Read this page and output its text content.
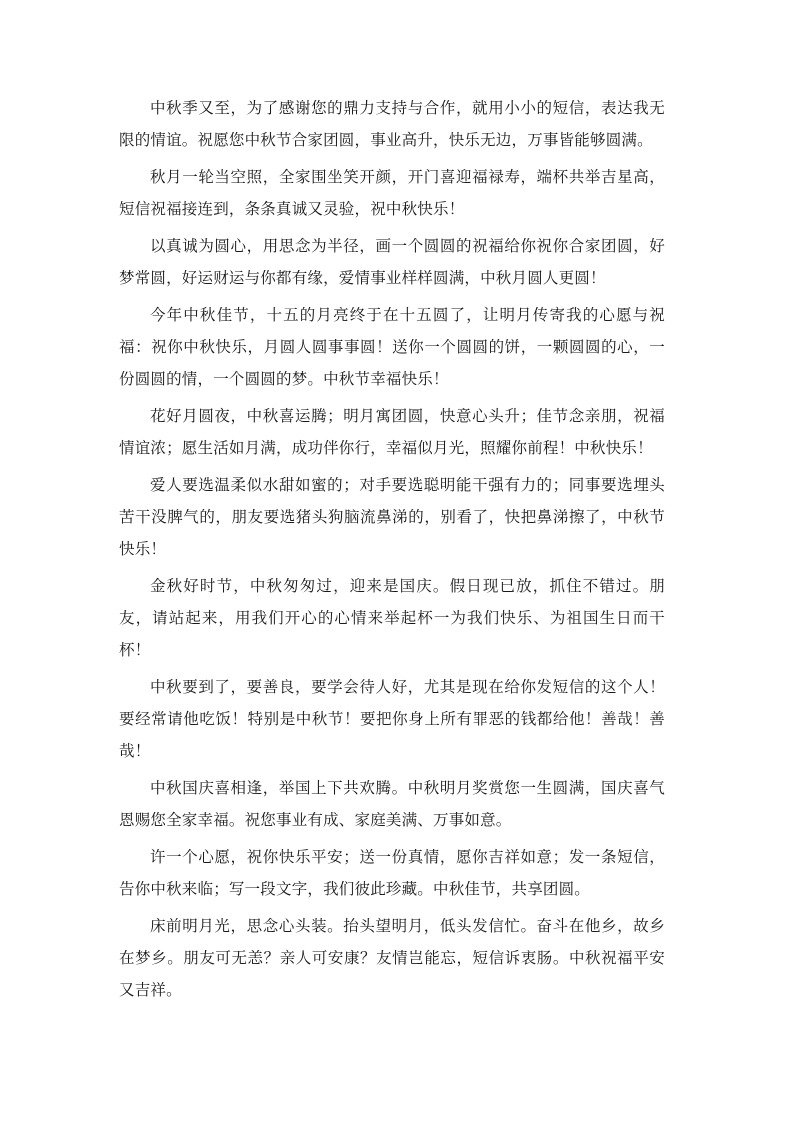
中秋季又至，为了感谢您的鼎力支持与合作，就用小小的短信，表达我无限的情谊。祝愿您中秋节合家团圆，事业高升，快乐无边，万事皆能够圆满。

秋月一轮当空照，全家围坐笑开颜，开门喜迎福禄寿，端杯共举吉星高，短信祝福接连到，条条真诚又灵验，祝中秋快乐！

以真诚为圆心，用思念为半径，画一个圆圆的祝福给你祝你合家团圆，好梦常圆，好运财运与你都有缘，爱情事业样样圆满，中秋月圆人更圆！

今年中秋佳节，十五的月亮终于在十五圆了，让明月传寄我的心愿与祝福：祝你中秋快乐，月圆人圆事事圆！送你一个圆圆的饼，一颗圆圆的心，一份圆圆的情，一个圆圆的梦。中秋节幸福快乐！

花好月圆夜，中秋喜运腾；明月寓团圆，快意心头升；佳节念亲朋，祝福情谊浓；愿生活如月满，成功伴你行，幸福似月光，照耀你前程！中秋快乐！

爱人要选温柔似水甜如蜜的；对手要选聪明能干强有力的；同事要选埋头苦干没脾气的，朋友要选猪头狗脑流鼻涕的，别看了，快把鼻涕擦了，中秋节快乐！

金秋好时节，中秋匆匆过，迎来是国庆。假日现已放，抓住不错过。朋友，请站起来，用我们开心的心情来举起杯一为我们快乐、为祖国生日而干杯！

中秋要到了，要善良，要学会待人好，尤其是现在给你发短信的这个人！要经常请他吃饭！特别是中秋节！要把你身上所有罪恶的钱都给他！善哉！善哉！

中秋国庆喜相逢，举国上下共欢腾。中秋明月奖赏您一生圆满，国庆喜气恩赐您全家幸福。祝您事业有成、家庭美满、万事如意。

许一个心愿，祝你快乐平安；送一份真情，愿你吉祥如意；发一条短信，告你中秋来临；写一段文字，我们彼此珍藏。中秋佳节，共享团圆。

床前明月光，思念心头装。抬头望明月，低头发信忙。奋斗在他乡，故乡在梦乡。朋友可无恙？亲人可安康？友情岂能忘，短信诉衷肠。中秋祝福平安又吉祥。
